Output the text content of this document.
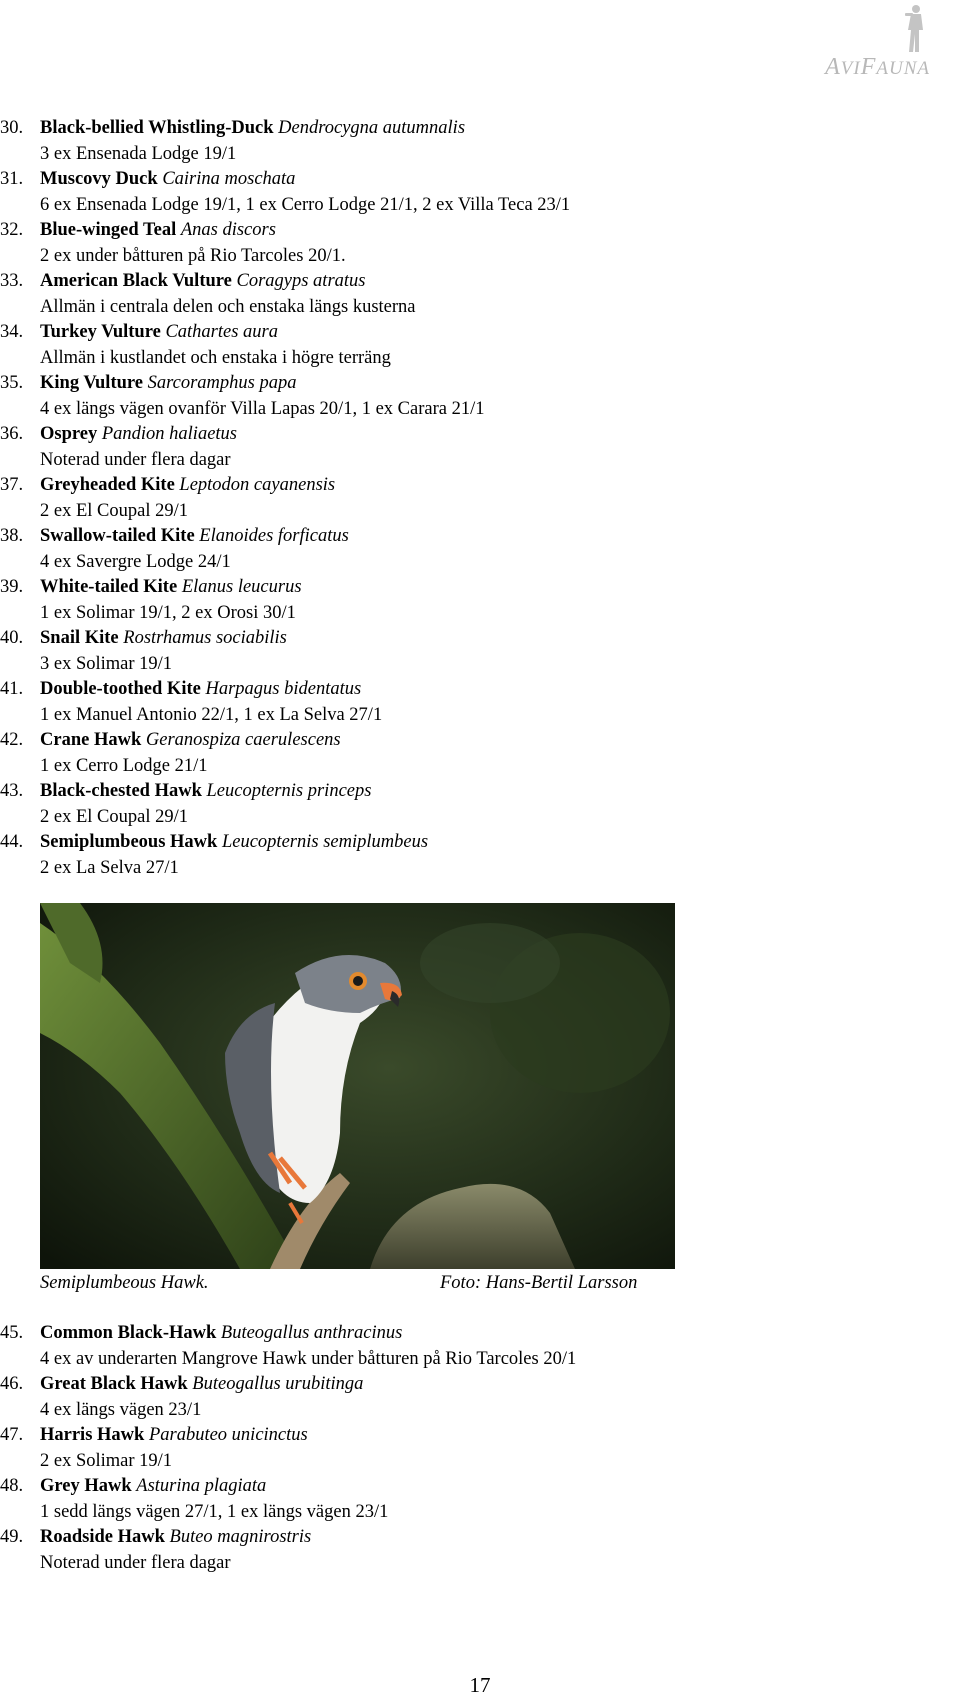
AVIFAUNA
30. Black-bellied Whistling-Duck Dendrocygna autumnalis
3 ex Ensenada Lodge 19/1
31. Muscovy Duck Cairina moschata
6 ex Ensenada Lodge 19/1, 1 ex Cerro Lodge 21/1, 2 ex Villa Teca 23/1
32. Blue-winged Teal Anas discors
2 ex under båtturen på Rio Tarcoles 20/1.
33. American Black Vulture Coragyps atratus
Allmän i centrala delen och enstaka längs kusterna
34. Turkey Vulture Cathartes aura
Allmän i kustlandet och enstaka i högre terräng
35. King Vulture Sarcoramphus papa
4 ex längs vägen ovanför Villa Lapas 20/1, 1 ex Carara 21/1
36. Osprey Pandion haliaetus
Noterad under flera dagar
37. Greyheaded Kite Leptodon cayanensis
2 ex El Coupal 29/1
38. Swallow-tailed Kite Elanoides forficatus
4 ex Savergre Lodge 24/1
39. White-tailed Kite Elanus leucurus
1 ex Solimar 19/1, 2 ex Orosi 30/1
40. Snail Kite Rostrhamus sociabilis
3 ex Solimar 19/1
41. Double-toothed Kite Harpagus bidentatus
1 ex Manuel Antonio 22/1, 1 ex La Selva 27/1
42. Crane Hawk Geranospiza caerulescens
1 ex Cerro Lodge 21/1
43. Black-chested Hawk Leucopternis princeps
2 ex El Coupal 29/1
44. Semiplumbeous Hawk Leucopternis semiplumbeus
2 ex La Selva 27/1
Semiplumbeous Hawk.	Foto: Hans-Bertil Larsson
45. Common Black-Hawk Buteogallus anthracinus
4 ex av underarten Mangrove Hawk under båtturen på Rio Tarcoles 20/1
46. Great Black Hawk Buteogallus urubitinga
4 ex längs vägen 23/1
47. Harris Hawk Parabuteo unicinctus
2 ex Solimar 19/1
48. Grey Hawk Asturina plagiata
1 sedd längs vägen 27/1, 1 ex längs vägen 23/1
49. Roadside Hawk Buteo magnirostris
Noterad under flera dagar
17
